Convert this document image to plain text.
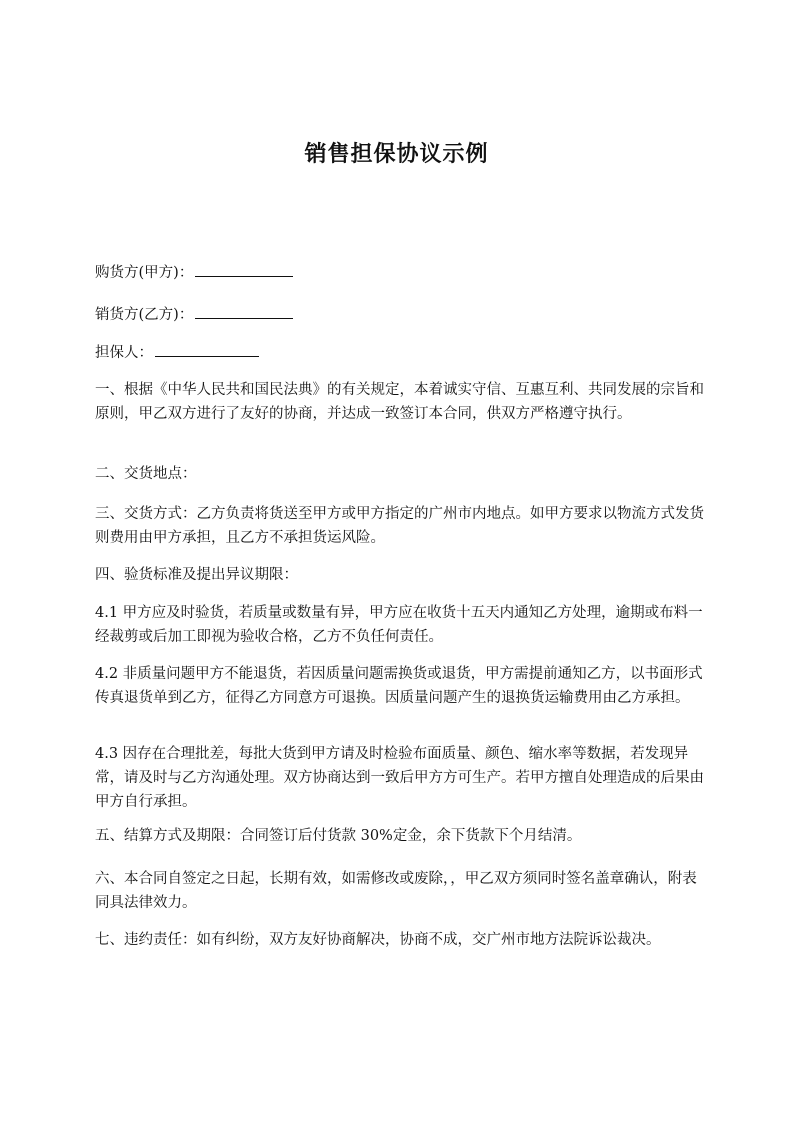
销售担保协议示例
购货方(甲方)：
销货方(乙方)：
担保人：

一、根据《中华人民共和国民法典》的有关规定，本着诚实守信、互惠互利、共同发展的宗旨和原则，甲乙双方进行了友好的协商，并达成一致签订本合同，供双方严格遵守执行。

二、交货地点：

三、交货方式：乙方负责将货送至甲方或甲方指定的广州市内地点。如甲方要求以物流方式发货则费用由甲方承担，且乙方不承担货运风险。

四、验货标准及提出异议期限：

4.1 甲方应及时验货，若质量或数量有异，甲方应在收货十五天内通知乙方处理，逾期或布料一经裁剪或后加工即视为验收合格，乙方不负任何责任。

4.2 非质量问题甲方不能退货，若因质量问题需换货或退货，甲方需提前通知乙方，以书面形式传真退货单到乙方，征得乙方同意方可退换。因质量问题产生的退换货运输费用由乙方承担。

4.3 因存在合理批差，每批大货到甲方请及时检验布面质量、颜色、缩水率等数据，若发现异常，请及时与乙方沟通处理。双方协商达到一致后甲方方可生产。若甲方擅自处理造成的后果由甲方自行承担。

五、结算方式及期限：合同签订后付货款 30%定金，余下货款下个月结清。

六、本合同自签定之日起，长期有效，如需修改或废除，，甲乙双方须同时签名盖章确认，附表同具法律效力。

七、违约责任：如有纠纷，双方友好协商解决，协商不成，交广州市地方法院诉讼裁决。
